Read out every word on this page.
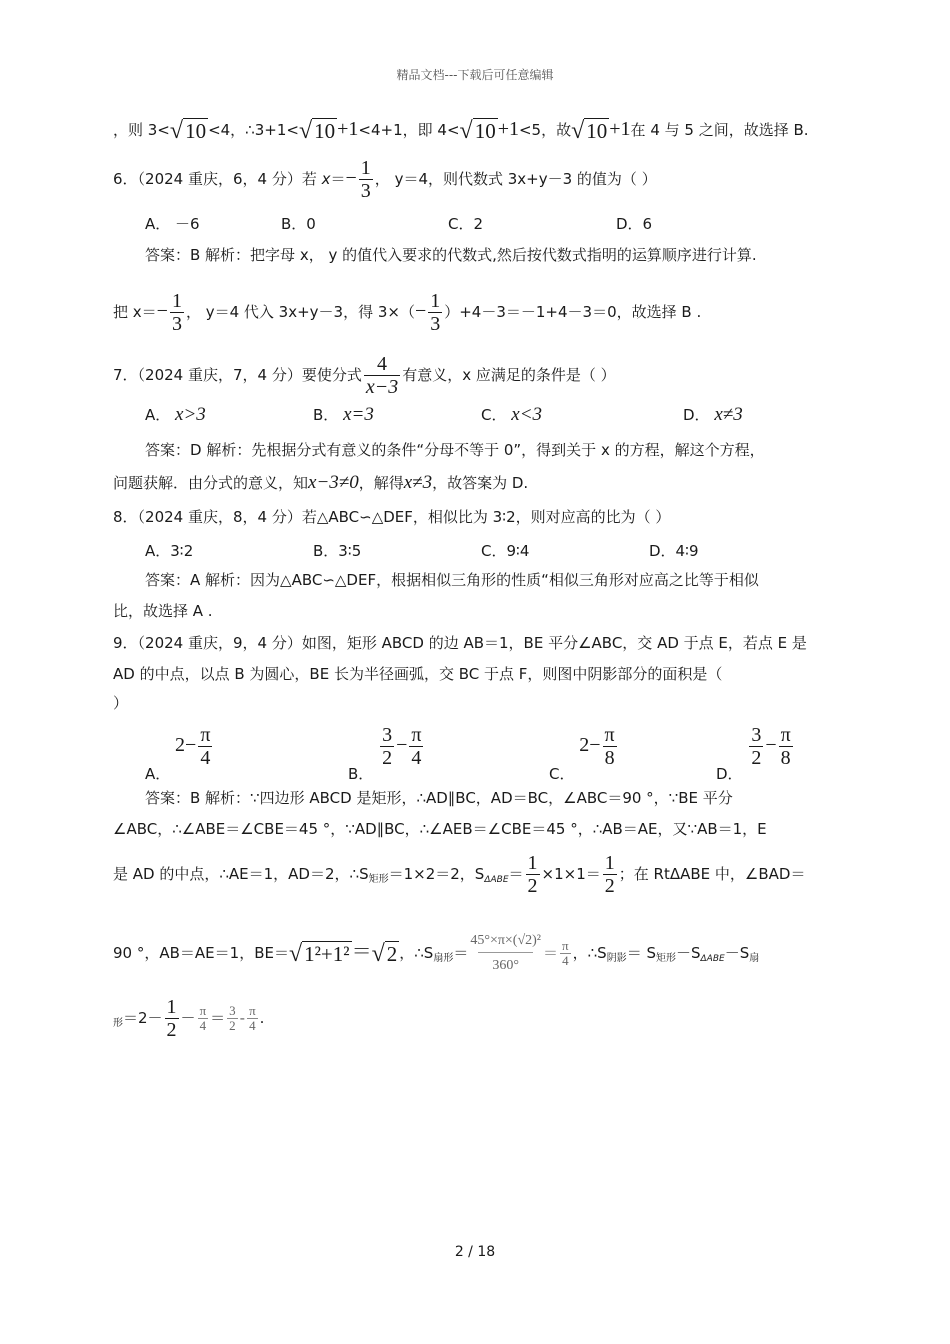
精品文档---下载后可任意编辑
，则 3< √ 10 <4，∴3+1< √ 10 +1<4+1，即 4< √ 10 +1<5，故 √ 10 +1在 4 与 5 之间，故选择 B.
6．（2024 重庆，6，4 分）若 $x=- \frac{1}{3}$ ， y＝4，则代数式 3x+y－3 的值为（ ）
A． －6	B．0	C．2	D．6
答案：B 解析：把字母 x， y 的值代入要求的代数式,然后按代数式指明的运算顺序进行计算.
把 $x=- \frac{1}{3}$ ， y＝4 代入 3x+y－3，得 $3\times(- \frac{1}{3} )+4-3=-1+4-3=0$，故选择 B .
7．（2024 重庆，7，4 分）要使分式 $\frac{4}{x-3}$ 有意义，x 应满足的条件是（ ）
A． x>3	B． x=3	C． x<3	D． x≠3
答案：D 解析：先根据分式有意义的条件“分母不等于 0”，得到关于 x 的方程，解这个方程，
问题获解．由分式的意义，知x−3≠0，解得x≠3，故答案为 D.
8．（2024 重庆，8，4 分）若△ABC∽△DEF，相似比为 3∶2，则对应高的比为（ ）
A．3∶2	B．3∶5	C．9∶4	D．4∶9
答案：A 解析：因为△ABC∽△DEF，根据相似三角形的性质“相似三角形对应高之比等于相似
比，故选择 A .
9．（2024 重庆，9，4 分）如图，矩形 ABCD 的边 AB＝1，BE 平分∠ABC，交 AD 于点 E，若点 E 是
AD 的中点，以点 B 为圆心，BE 长为半径画弧，交 BC 于点 F，则图中阴影部分的面积是（
）
A． $2- \frac{\pi}{4}$
B．
$\frac{3}{2} - \frac{\pi}{4}$
C． $2- \frac{\pi}{8}$
D．
$\frac{3}{2} - \frac{\pi}{8}$
答案：B 解析：∵四边形 ABCD 是矩形，∴AD∥BC，AD＝BC，∠ABC＝90 °，∵BE 平分
∠ABC，∴∠ABE＝∠CBE＝45 °，∵AD∥BC，∴∠AEB＝∠CBE＝45 °，∴AB＝AE，又∵AB＝1，E
是 AD 的中点，∴AE＝1，AD＝2，$\therefore S_{矩形}=1\times 2=2$，$S_{\Delta ABE}= \frac{1}{2} \times 1\times 1= \frac{1}{2}$ ；在 RtΔABE 中，∠BAD＝
90 °，AB＝AE＝1，BE＝ √ 1²+1² ＝ √ 2 ，$\therefore S_{扇形}= \frac{\text{45°×π×(√2)²}}{360^\circ} = \frac{\pi}{4}$ ，$\therefore S_{阴影}= S_{矩形}-S_{\Delta ABE}-S_扇$
$_形=2- \frac{1}{2} - \frac{\pi}{4} = \frac{3}{2} - \frac{\pi}{4}$ .
2 / 18
